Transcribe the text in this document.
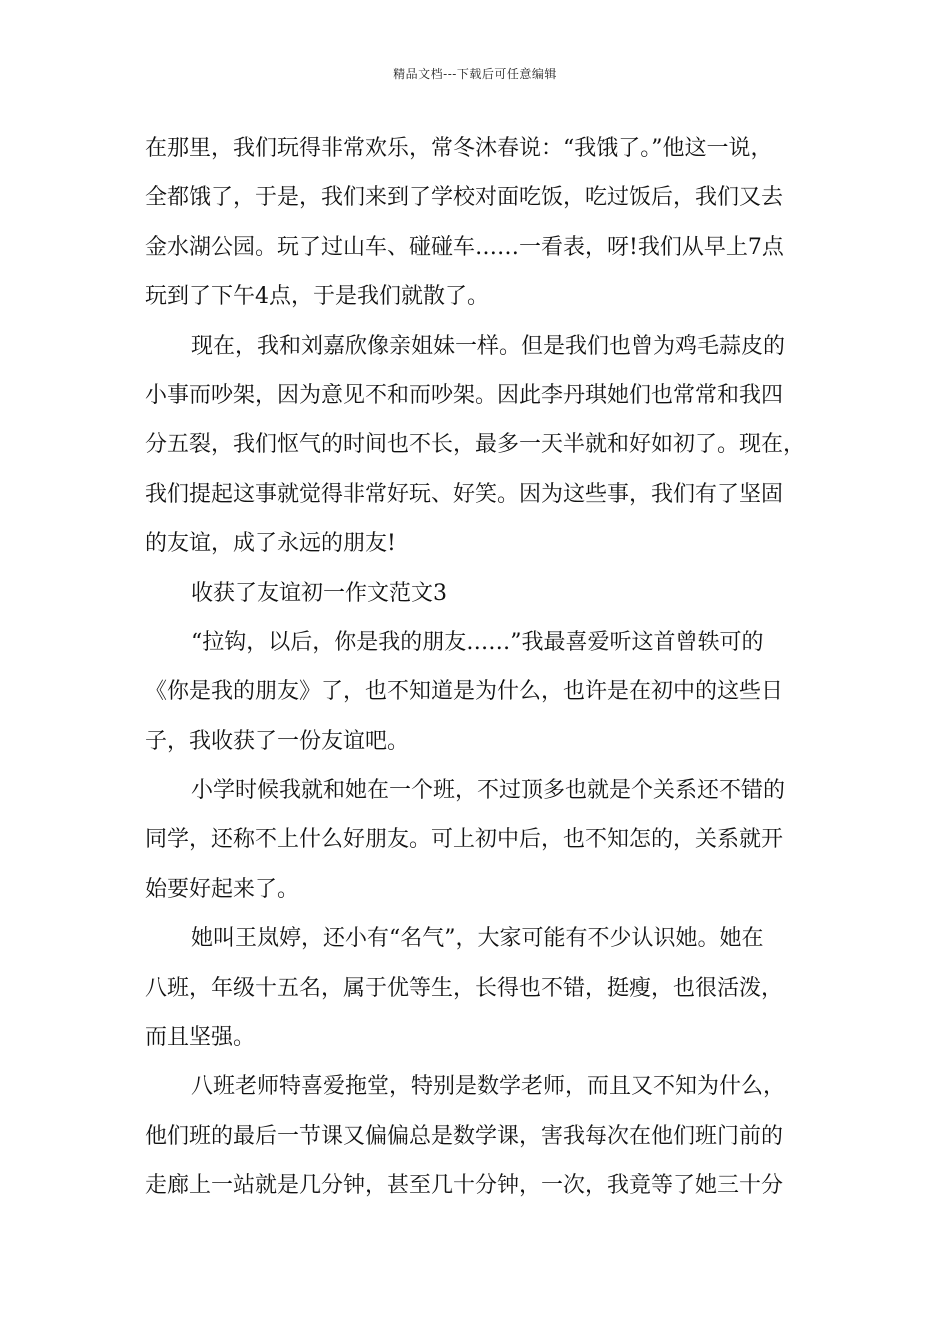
精品文档---下载后可任意编辑
在那里，我们玩得非常欢乐，常冬沐春说：“我饿了。”他这一说，
全都饿了，于是，我们来到了学校对面吃饭，吃过饭后，我们又去
金水湖公园。玩了过山车、碰碰车……一看表，呀!我们从早上7点
玩到了下午4点，于是我们就散了。
现在，我和刘嘉欣像亲姐妹一样。但是我们也曾为鸡毛蒜皮的
小事而吵架，因为意见不和而吵架。因此李丹琪她们也常常和我四
分五裂，我们怄气的时间也不长，最多一天半就和好如初了。现在，
我们提起这事就觉得非常好玩、好笑。因为这些事，我们有了坚固
的友谊，成了永远的朋友!
收获了友谊初一作文范文3
“拉钩，以后，你是我的朋友……”我最喜爱听这首曾轶可的
《你是我的朋友》了，也不知道是为什么，也许是在初中的这些日
子，我收获了一份友谊吧。
小学时候我就和她在一个班，不过顶多也就是个关系还不错的
同学，还称不上什么好朋友。可上初中后，也不知怎的，关系就开
始要好起来了。
她叫王岚婷，还小有“名气”，大家可能有不少认识她。她在
八班，年级十五名，属于优等生，长得也不错，挺瘦，也很活泼，
而且坚强。
八班老师特喜爱拖堂，特别是数学老师，而且又不知为什么，
他们班的最后一节课又偏偏总是数学课，害我每次在他们班门前的
走廊上一站就是几分钟，甚至几十分钟，一次，我竟等了她三十分
